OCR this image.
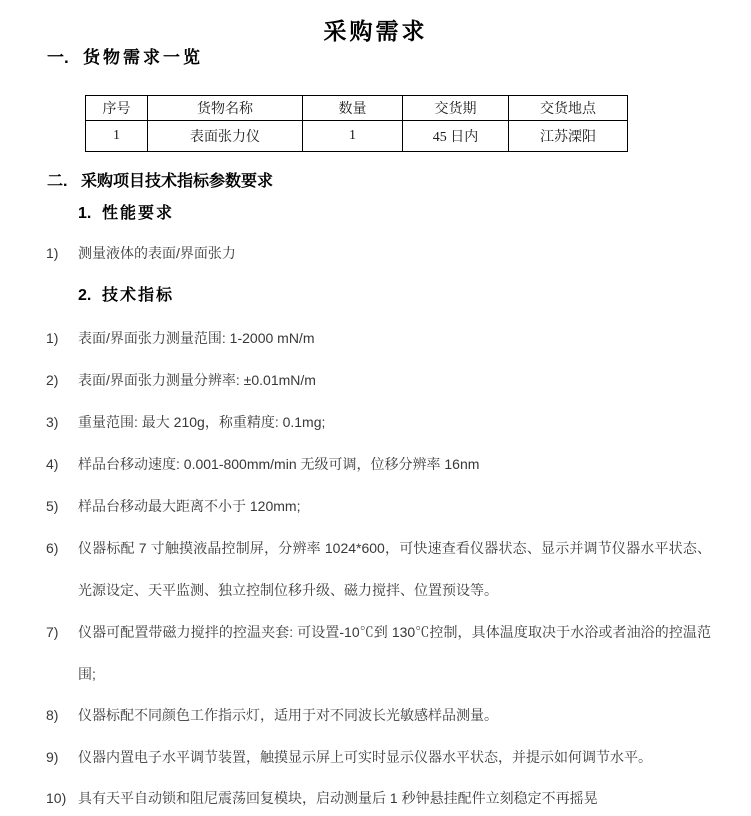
采购需求
一. 货物需求一览
序号	货物名称	数量	交货期	交货地点
1	表面张力仪	1	45 日内	江苏溧阳
二. 采购项目技术指标参数要求
1. 性能要求
1)	测量液体的表面/界面张力
2. 技术指标
1)	表面/界面张力测量范围: 1-2000 mN/m
2)	表面/界面张力测量分辨率: ±0.01mN/m
3)	重量范围: 最大 210g，称重精度: 0.1mg;
4)	样品台移动速度: 0.001-800mm/min 无级可调，位移分辨率 16nm
5)	样品台移动最大距离不小于 120mm;
6)	仪器标配 7 寸触摸液晶控制屏，分辨率 1024*600，可快速查看仪器状态、显示并调节仪器水平状态、光源设定、天平监测、独立控制位移升级、磁力搅拌、位置预设等。
7)	仪器可配置带磁力搅拌的控温夹套: 可设置-10℃到 130℃控制，具体温度取决于水浴或者油浴的控温范围;
8)	仪器标配不同颜色工作指示灯，适用于对不同波长光敏感样品测量。
9)	仪器内置电子水平调节装置，触摸显示屏上可实时显示仪器水平状态，并提示如何调节水平。
10) 具有天平自动锁和阻尼震荡回复模块，启动测量后 1 秒钟悬挂配件立刻稳定不再摇晃
